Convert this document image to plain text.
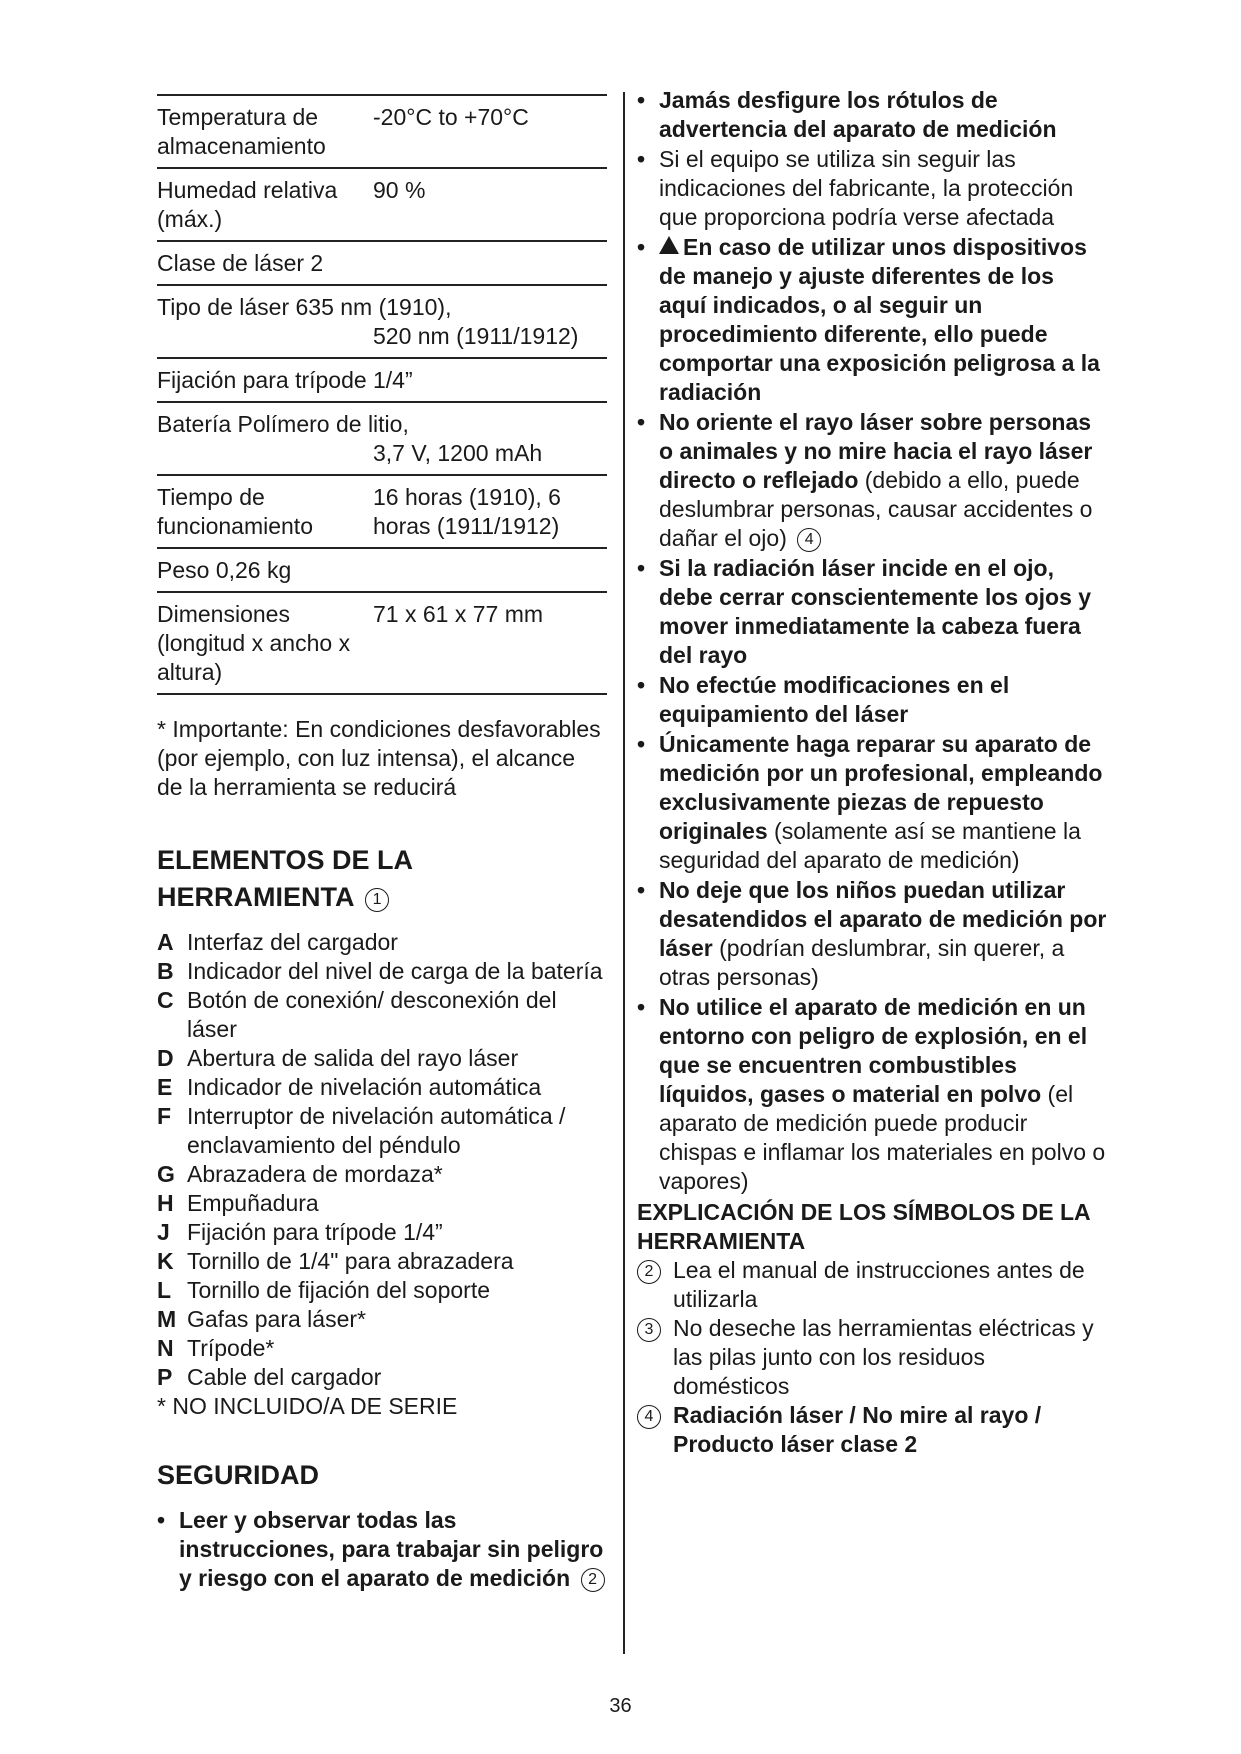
Temperatura de almacenamiento
-20°C to +70°C
Humedad relativa (máx.)
90 %
Clase de láser 2
Tipo de láser 635 nm (1910),
520 nm (1911/1912)
Fijación para trípode 1/4”
Batería Polímero de litio,
3,7 V, 1200 mAh
Tiempo de funcionamiento
16 horas (1910), 6 horas (1911/1912)
Peso 0,26 kg
Dimensiones (longitud x ancho x altura)
71 x 61 x 77 mm
* Importante: En condiciones desfavorables (por ejemplo, con luz intensa), el alcance de la herramienta se reducirá
ELEMENTOS DE LA HERRAMIENTA 1
A Interfaz del cargador
B Indicador del nivel de carga de la batería
C Botón de conexión/ desconexión del láser
D Abertura de salida del rayo láser
E Indicador de nivelación automática
F Interruptor de nivelación automática / enclavamiento del péndulo
G Abrazadera de mordaza*
H Empuñadura
J Fijación para trípode 1/4”
K Tornillo de 1/4" para abrazadera
L Tornillo de fijación del soporte
M Gafas para láser*
N Trípode*
P Cable del cargador
* NO INCLUIDO/A DE SERIE
SEGURIDAD
• Leer y observar todas las instrucciones, para trabajar sin peligro y riesgo con el aparato de medición 2
• Jamás desfigure los rótulos de advertencia del aparato de medición
• Si el equipo se utiliza sin seguir las indicaciones del fabricante, la protección que proporciona podría verse afectada
•	En caso de utilizar unos dispositivos de manejo y ajuste diferentes de los aquí indicados, o al seguir un procedimiento diferente, ello puede comportar una exposición peligrosa a la radiación
• No oriente el rayo láser sobre personas o animales y no mire hacia el rayo láser directo o reflejado (debido a ello, puede deslumbrar personas, causar accidentes o dañar el ojo) 4
• Si la radiación láser incide en el ojo, debe cerrar conscientemente los ojos y mover inmediatamente la cabeza fuera del rayo
• No efectúe modificaciones en el equipamiento del láser
• Únicamente haga reparar su aparato de medición por un profesional, empleando exclusivamente piezas de repuesto originales (solamente así se mantiene la seguridad del aparato de medición)
• No deje que los niños puedan utilizar desatendidos el aparato de medición por láser (podrían deslumbrar, sin querer, a otras personas)
• No utilice el aparato de medición en un entorno con peligro de explosión, en el que se encuentren combustibles líquidos, gases o material en polvo (el aparato de medición puede producir chispas e inflamar los materiales en polvo o vapores)
EXPLICACIÓN DE LOS SÍMBOLOS DE LA HERRAMIENTA
2 Lea el manual de instrucciones antes de utilizarla
3 No deseche las herramientas eléctricas y las pilas junto con los residuos domésticos
4 Radiación láser / No mire al rayo / Producto láser clase 2
36
